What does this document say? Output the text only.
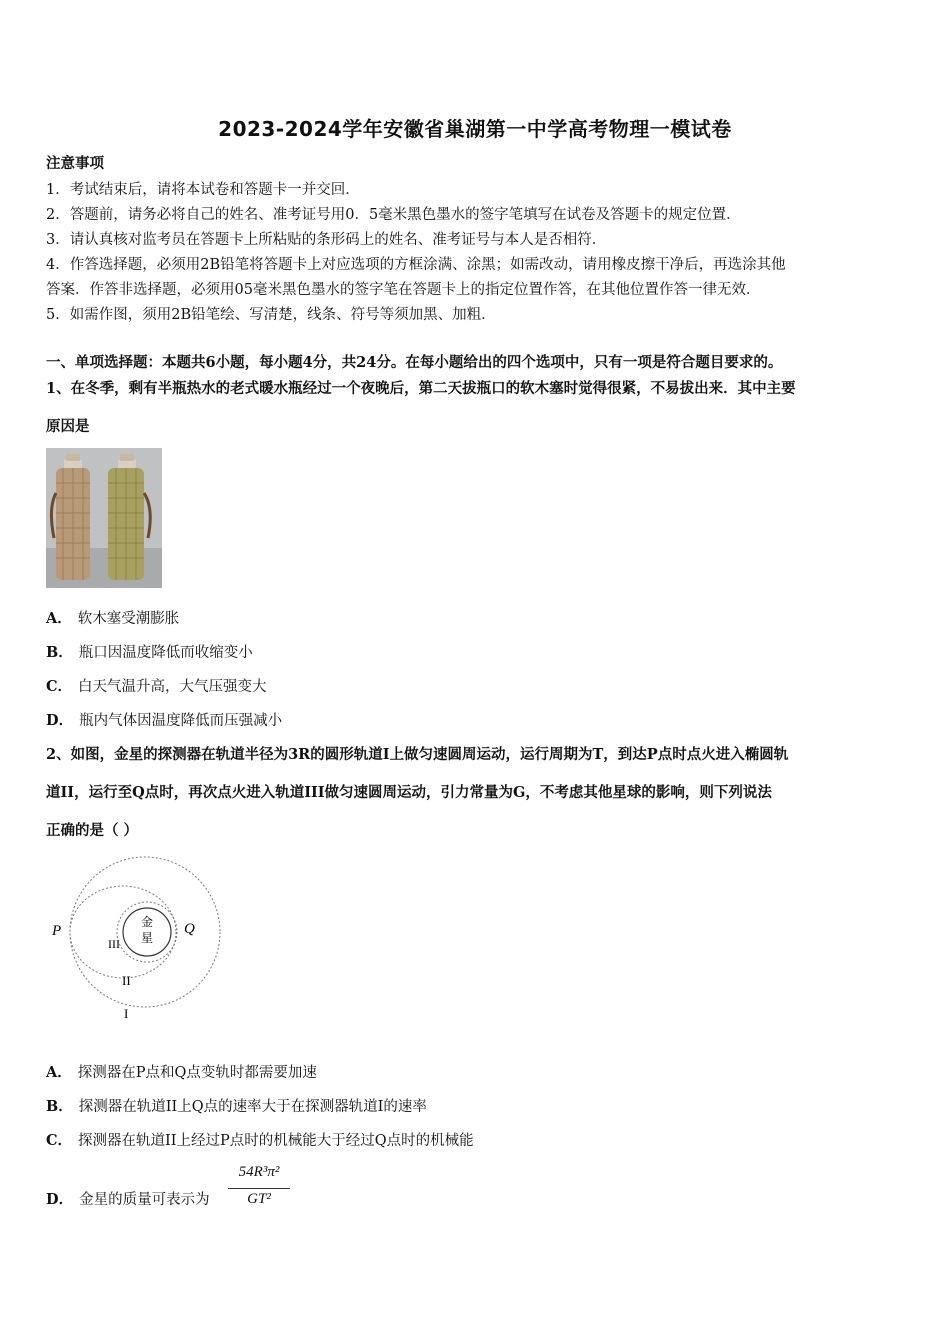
2023-2024学年安徽省巢湖第一中学高考物理一模试卷
注意事项
1．考试结束后，请将本试卷和答题卡一并交回．
2．答题前，请务必将自己的姓名、准考证号用0．5毫米黑色墨水的签字笔填写在试卷及答题卡的规定位置．
3．请认真核对监考员在答题卡上所粘贴的条形码上的姓名、准考证号与本人是否相符．
4．作答选择题，必须用2B铅笔将答题卡上对应选项的方框涂满、涂黑；如需改动，请用橡皮擦干净后，再选涂其他
答案．作答非选择题，必须用05毫米黑色墨水的签字笔在答题卡上的指定位置作答，在其他位置作答一律无效．
5．如需作图，须用2B铅笔绘、写清楚，线条、符号等须加黑、加粗．
一、单项选择题：本题共6小题，每小题4分，共24分。在每小题给出的四个选项中，只有一项是符合题目要求的。
1、在冬季，剩有半瓶热水的老式暖水瓶经过一个夜晚后，第二天拔瓶口的软木塞时觉得很紧，不易拔出来．其中主要
原因是
A． 软木塞受潮膨胀
B． 瓶口因温度降低而收缩变小
C． 白天气温升高，大气压强变大
D． 瓶内气体因温度降低而压强减小
2、如图，金星的探测器在轨道半径为3R的圆形轨道I上做匀速圆周运动，运行周期为T，到达P点时点火进入椭圆轨
道II，运行至Q点时，再次点火进入轨道III做匀速圆周运动，引力常量为G，不考虑其他星球的影响，则下列说法
正确的是（ ）
金
星
P	Q
III
II
I
A． 探测器在P点和Q点变轨时都需要加速
B． 探测器在轨道II上Q点的速率大于在探测器轨道I的速率
C． 探测器在轨道II上经过P点时的机械能大于经过Q点时的机械能
D． 金星的质量可表示为
54R³π²
GT²
